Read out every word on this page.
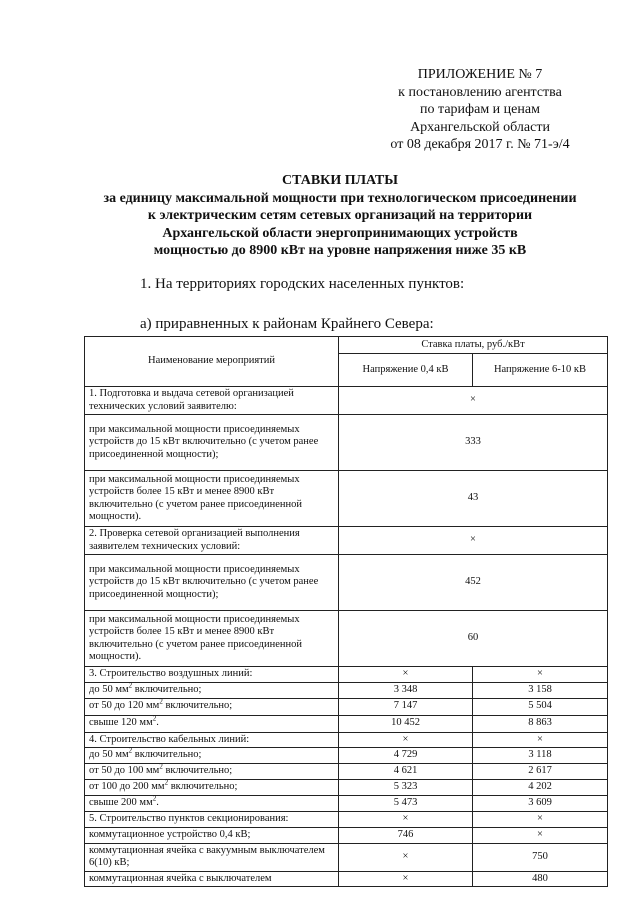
ПРИЛОЖЕНИЕ № 7
к постановлению агентства
по тарифам и ценам
Архангельской области
от 08 декабря 2017 г. № 71-э/4
СТАВКИ ПЛАТЫ
за единицу максимальной мощности при технологическом присоединении
к электрическим сетям сетевых организаций на территории
Архангельской области энергопринимающих устройств
мощностью до 8900 кВт на уровне напряжения ниже 35 кВ
1. На территориях городских населенных пунктов:
а) приравненных к районам Крайнего Севера:
Наименование мероприятий	Ставка платы, руб./кВт	
	Напряжение 0,4 кВ	Напряжение 6-10 кВ
1. Подготовка и выдача сетевой организацией технических условий заявителю:	×	
при максимальной мощности присоединяемых устройств до 15 кВт включительно (с учетом ранее присоединенной мощности);	333	
при максимальной мощности присоединяемых устройств более 15 кВт и менее 8900 кВт включительно (с учетом ранее присоединенной мощности).	43	
2. Проверка сетевой организацией выполнения заявителем технических условий:	×	
при максимальной мощности присоединяемых устройств до 15 кВт включительно (с учетом ранее присоединенной мощности);	452	
при максимальной мощности присоединяемых устройств более 15 кВт и менее 8900 кВт включительно (с учетом ранее присоединенной мощности).	60	
3. Строительство воздушных линий:	×	×
до 50 $мм^2$ включительно;	3 348	3 158
от 50 до 120 $мм^2$ включительно;	7 147	5 504
свыше 120 $мм^2$.	10 452	8 863
4. Строительство кабельных линий:	×	×
до 50 $мм^2$ включительно;	4 729	3 118
от 50 до 100 $мм^2$ включительно;	4 621	2 617
от 100 до 200 $мм^2$ включительно;	5 323	4 202
свыше 200 $мм^2$.	5 473	3 609
5. Строительство пунктов секционирования:	×	×
коммутационное устройство 0,4 кВ;	746	×
коммутационная ячейка с вакуумным выключателем 6(10) кВ;	×	750
коммутационная ячейка с выключателем	×	480
